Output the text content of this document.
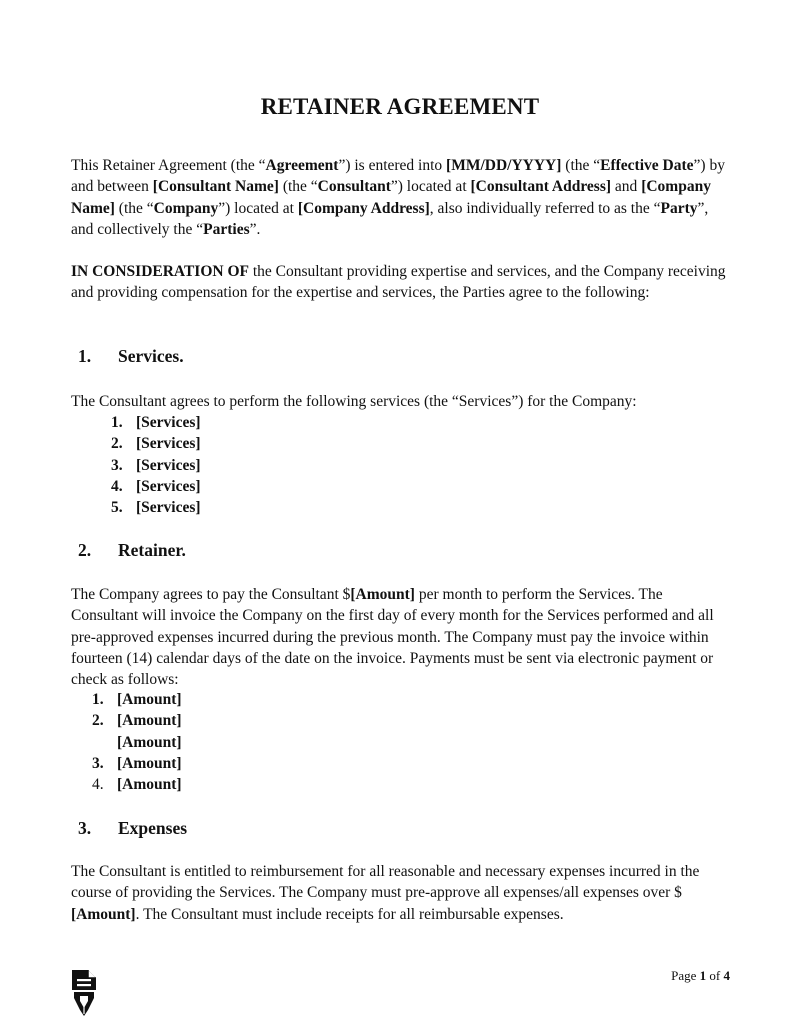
RETAINER AGREEMENT

This Retainer Agreement (the “Agreement”) is entered into [MM/DD/YYYY] (the “Effective Date”) by and between [Consultant Name] (the “Consultant”) located at [Consultant Address] and [Company Name] (the “Company”) located at [Company Address], also individually referred to as the “Party”, and collectively the “Parties”.

IN CONSIDERATION OF the Consultant providing expertise and services, and the Company receiving and providing compensation for the expertise and services, the Parties agree to the following:

1.	Services.

The Consultant agrees to perform the following services (the “Services”) for the Company:

1. [Services]
2. [Services]
3. [Services]
4. [Services]
5. [Services]
2.	Retainer.

The Company agrees to pay the Consultant $[Amount] per month to perform the Services. The Consultant will invoice the Company on the first day of every month for the Services performed and all pre-approved expenses incurred during the previous month. The Company must pay the invoice within fourteen (14) calendar days of the date on the invoice. Payments must be sent via electronic payment or check as follows:

1. [Amount]
2. [Amount]
[Amount]
3. [Amount]
4. [Amount]
3.	Expenses

The Consultant is entitled to reimbursement for all reasonable and necessary expenses incurred in the course of providing the Services. The Company must pre-approve all expenses/all expenses over $ [Amount]. The Consultant must include receipts for all reimbursable expenses.

Page 1 of 4
